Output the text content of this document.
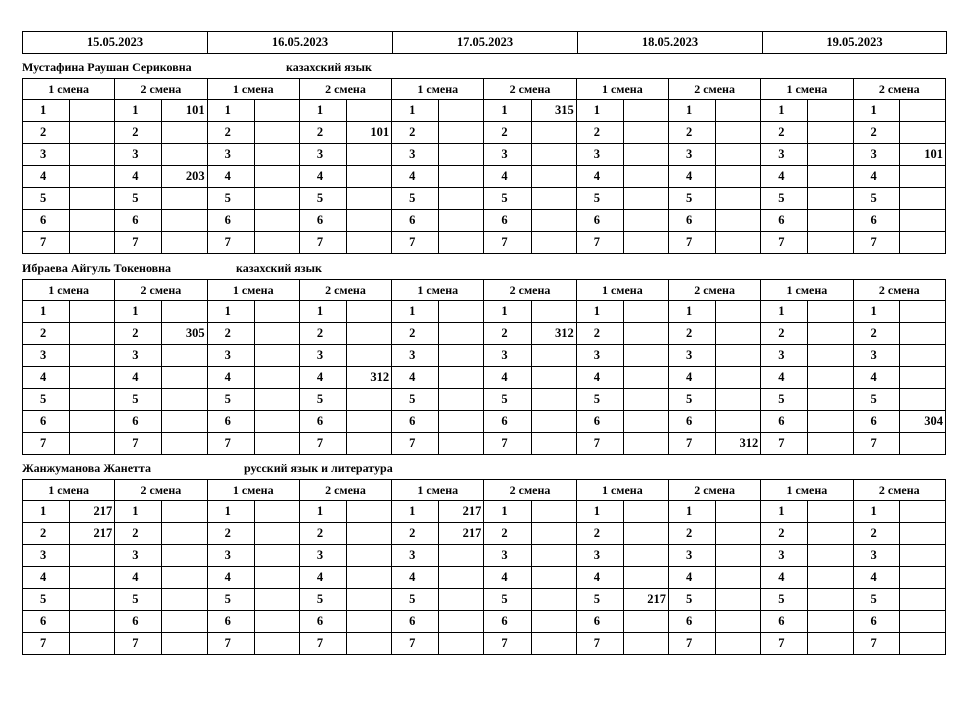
15.05.2023	16.05.2023	17.05.2023	18.05.2023	19.05.2023
Мустафина Раушан Сериковна	казахский язык
1 смена		2 смена		1 смена		2 смена		1 смена		2 смена		1 смена		2 смена		1 смена		2 смена	
1		1	101	1		1		1		1	315	1		1		1		1	
2		2		2		2	101	2		2		2		2		2		2	
3		3		3		3		3		3		3		3		3		3	101
4		4	203	4		4		4		4		4		4		4		4	
5		5		5		5		5		5		5		5		5		5	
6		6		6		6		6		6		6		6		6		6	
7		7		7		7		7		7		7		7		7		7	
Ибраева Айгуль Токеновна	казахский язык
1 смена		2 смена		1 смена		2 смена		1 смена		2 смена		1 смена		2 смена		1 смена		2 смена	
1		1		1		1		1		1		1		1		1		1	
2		2	305	2		2		2		2	312	2		2		2		2	
3		3		3		3		3		3		3		3		3		3	
4		4		4		4	312	4		4		4		4		4		4	
5		5		5		5		5		5		5		5		5		5	
6		6		6		6		6		6		6		6		6		6	304
7		7		7		7		7		7		7		7	312	7		7	
Жанжуманова Жанетта	русский язык и литература
1 смена		2 смена		1 смена		2 смена		1 смена		2 смена		1 смена		2 смена		1 смена		2 смена	
1	217	1		1		1		1	217	1		1		1		1		1	
2	217	2		2		2		2	217	2		2		2		2		2	
3		3		3		3		3		3		3		3		3		3	
4		4		4		4		4		4		4		4		4		4	
5		5		5		5		5		5		5	217	5		5		5	
6		6		6		6		6		6		6		6		6		6	
7		7		7		7		7		7		7		7		7		7	
